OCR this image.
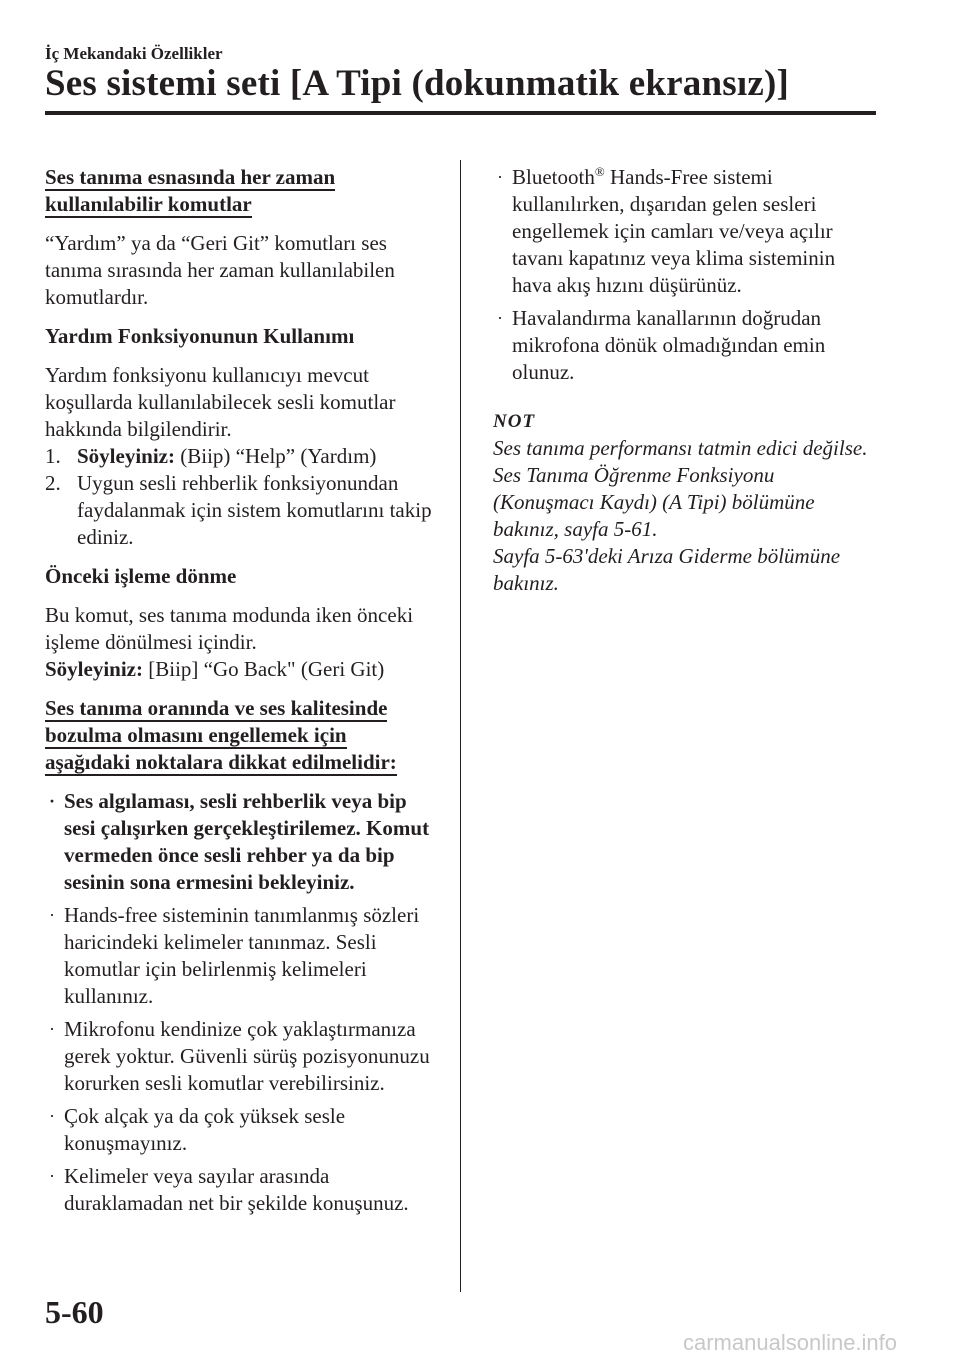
İç Mekandaki Özellikler
Ses sistemi seti [A Tipi (dokunmatik ekransız)]

Ses tanıma esnasında her zaman
kullanılabilir komutlar

“Yardım” ya da “Geri Git” komutları ses tanıma sırasında her zaman kullanılabilen komutlardır.

Yardım Fonksiyonunun Kullanımı

Yardım fonksiyonu kullanıcıyı mevcut koşullarda kullanılabilecek sesli komutlar hakkında bilgilendirir.

1. Söyleyiniz: (Biip) “Help” (Yardım)

2. Uygun sesli rehberlik fonksiyonundan faydalanmak için sistem komutlarını takip ediniz.

Önceki işleme dönme

Bu komut, ses tanıma modunda iken önceki işleme dönülmesi içindir.

Söyleyiniz: [Biip] “Go Back" (Geri Git)

Ses tanıma oranında ve ses kalitesinde
bozulma olmasını engellemek için
aşağıdaki noktalara dikkat edilmelidir:

· Ses algılaması, sesli rehberlik veya bip sesi çalışırken gerçekleştirilemez. Komut vermeden önce sesli rehber ya da bip sesinin sona ermesini bekleyiniz.

· Hands-free sisteminin tanımlanmış sözleri haricindeki kelimeler tanınmaz. Sesli komutlar için belirlenmiş kelimeleri kullanınız.

· Mikrofonu kendinize çok yaklaştırmanıza gerek yoktur. Güvenli sürüş pozisyonunuzu korurken sesli komutlar verebilirsiniz.

· Çok alçak ya da çok yüksek sesle konuşmayınız.

· Kelimeler veya sayılar arasında duraklamadan net bir şekilde konuşunuz.

· Bluetooth® Hands-Free sistemi kullanılırken, dışarıdan gelen sesleri engellemek için camları ve/veya açılır tavanı kapatınız veya klima sisteminin hava akış hızını düşürünüz.

· Havalandırma kanallarının doğrudan mikrofona dönük olmadığından emin olunuz.

NOT

Ses tanıma performansı tatmin edici değilse.

Ses Tanıma Öğrenme Fonksiyonu (Konuşmacı Kaydı) (A Tipi) bölümüne bakınız, sayfa 5-61.

Sayfa 5-63'deki Arıza Giderme bölümüne bakınız.

5-60
carmanualsonline.info
